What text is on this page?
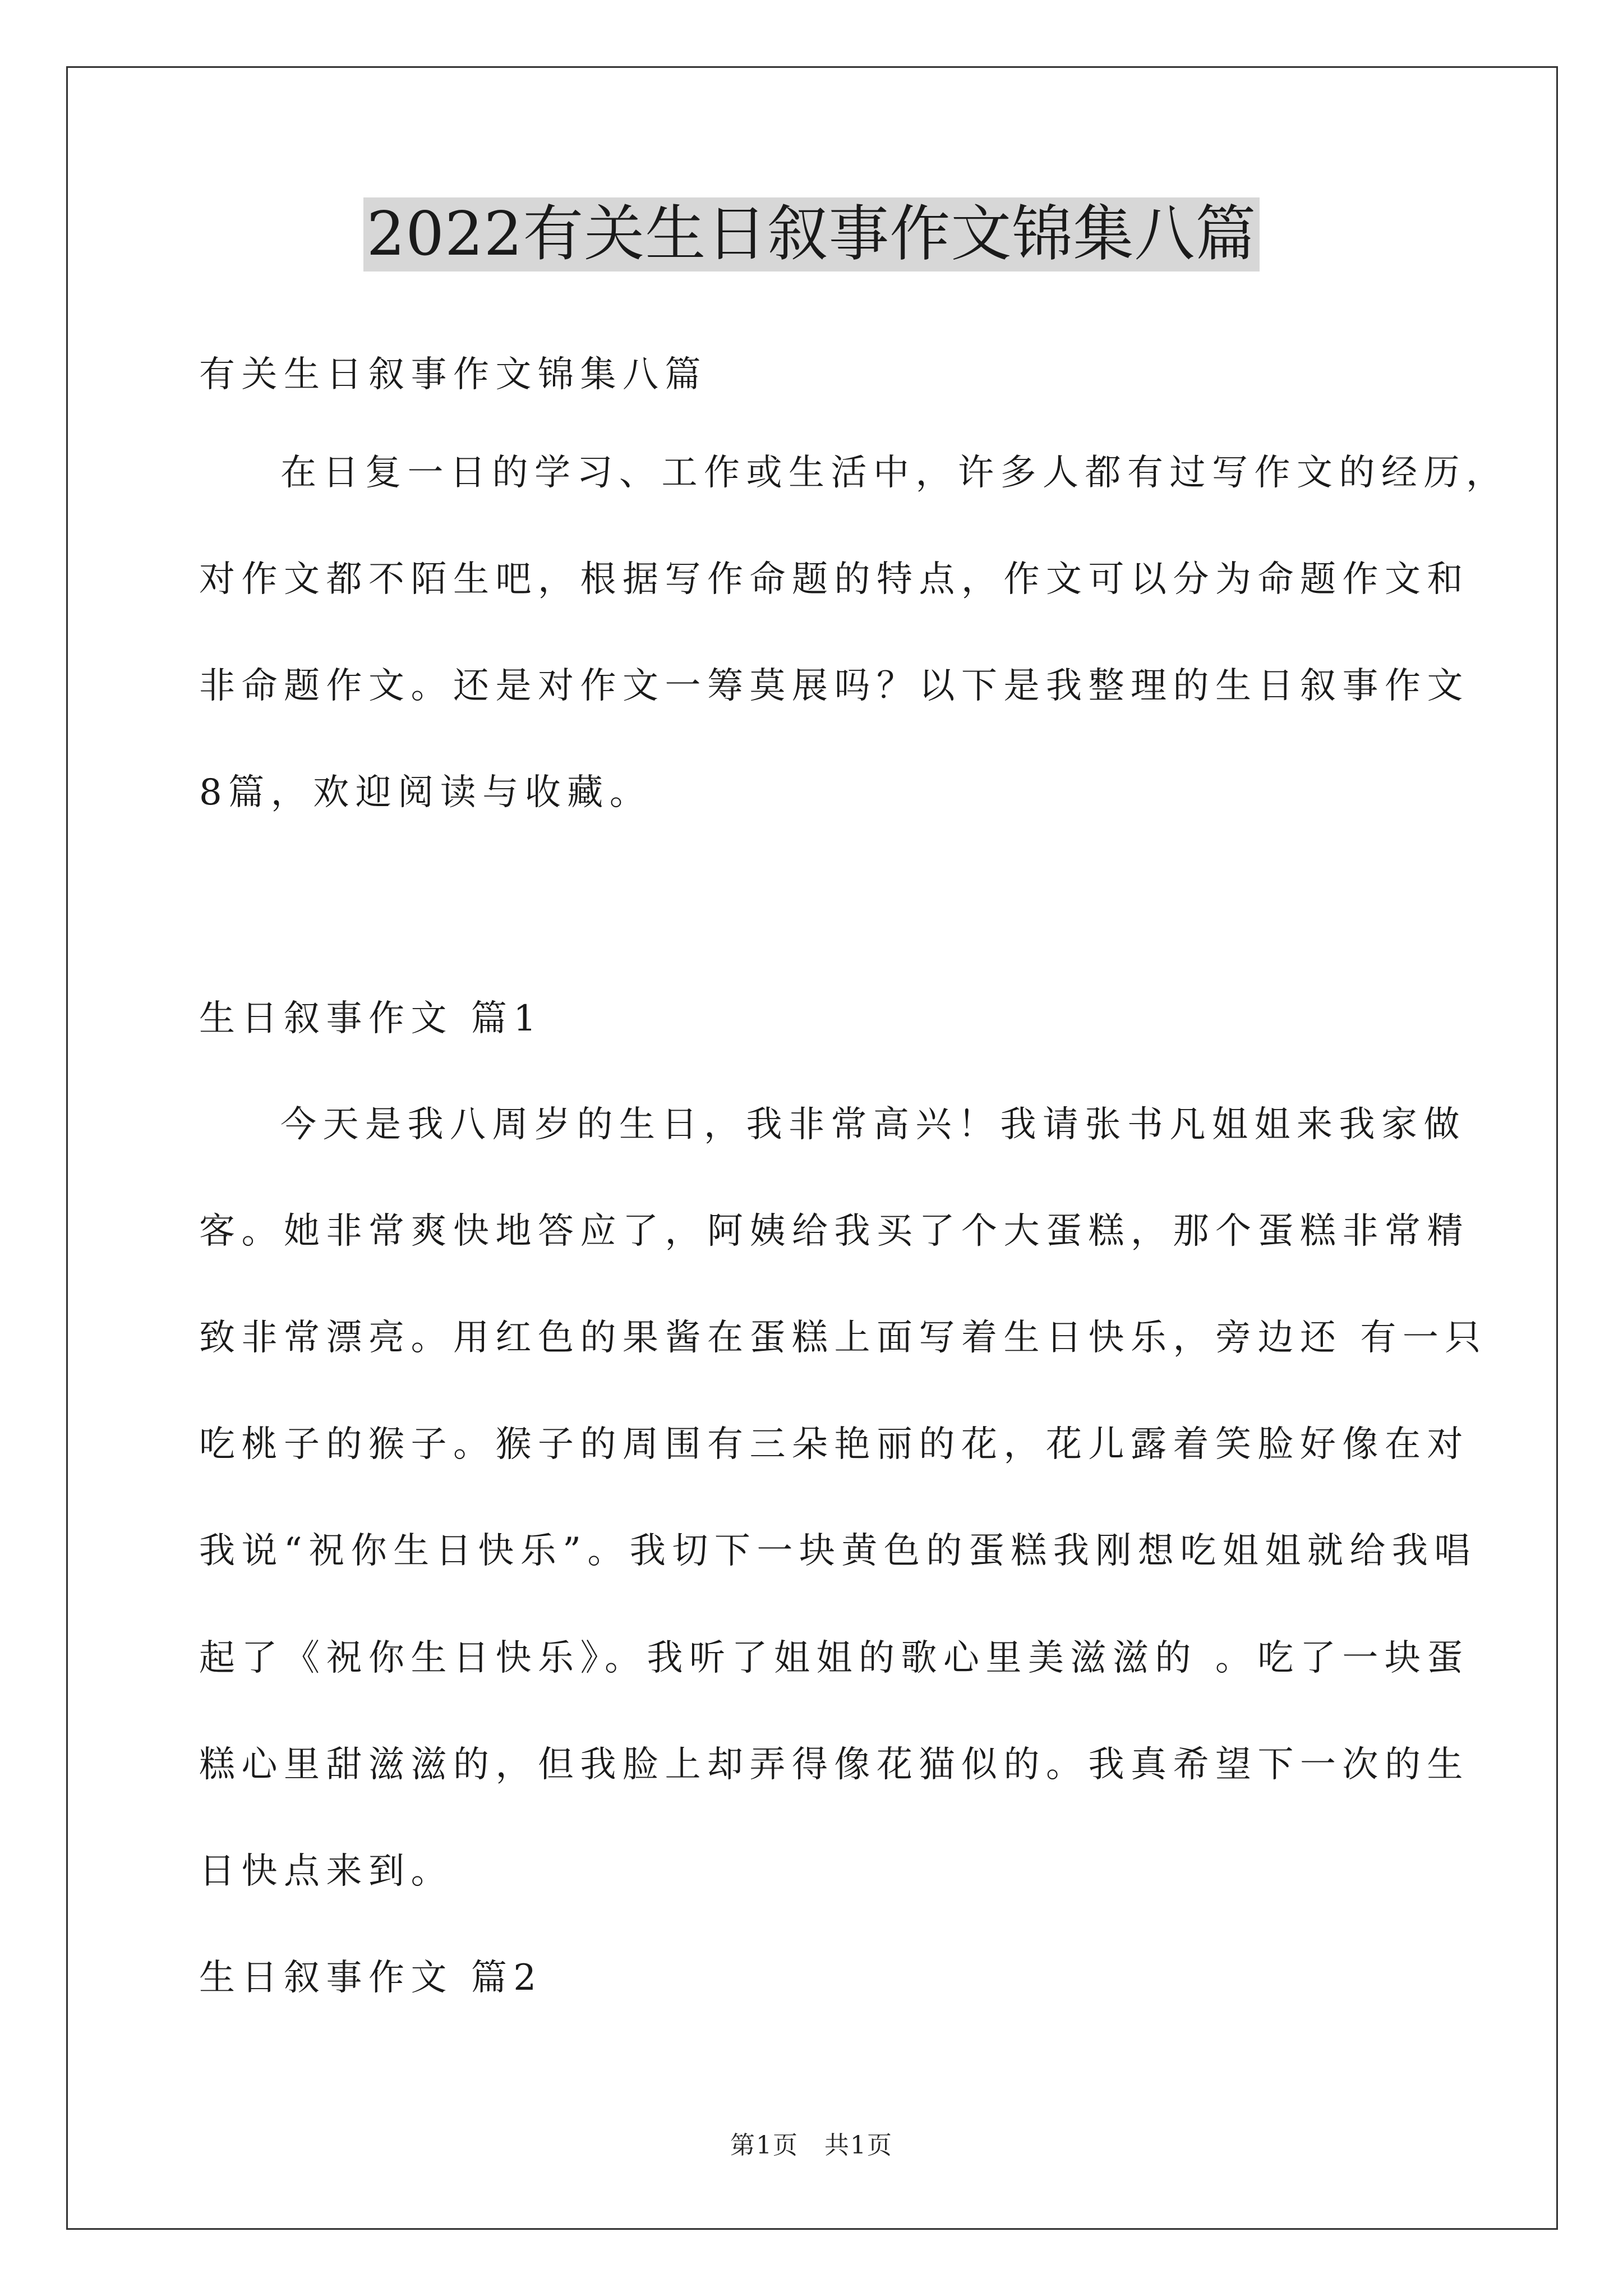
2022有关生日叙事作文锦集八篇
有关生日叙事作文锦集八篇
在日复一日的学习、工作或生活中，许多人都有过写作文的经历，
对作文都不陌生吧，根据写作命题的特点，作文可以分为命题作文和
非命题作文。还是对作文一筹莫展吗？以下是我整理的生日叙事作文
8篇，欢迎阅读与收藏。
生日叙事作文 篇1
今天是我八周岁的生日，我非常高兴！我请张书凡姐姐来我家做
客。她非常爽快地答应了，阿姨给我买了个大蛋糕，那个蛋糕非常精
致非常漂亮。用红色的果酱在蛋糕上面写着生日快乐，旁边还 有一只
吃桃子的猴子。猴子的周围有三朵艳丽的花，花儿露着笑脸好像在对
我说“祝你生日快乐”。我切下一块黄色的蛋糕我刚想吃姐姐就给我唱
起了《祝你生日快乐》。我听了姐姐的歌心里美滋滋的 。吃了一块蛋
糕心里甜滋滋的，但我脸上却弄得像花猫似的。我真希望下一次的生
日快点来到。
生日叙事作文 篇2
第1页　共1页
